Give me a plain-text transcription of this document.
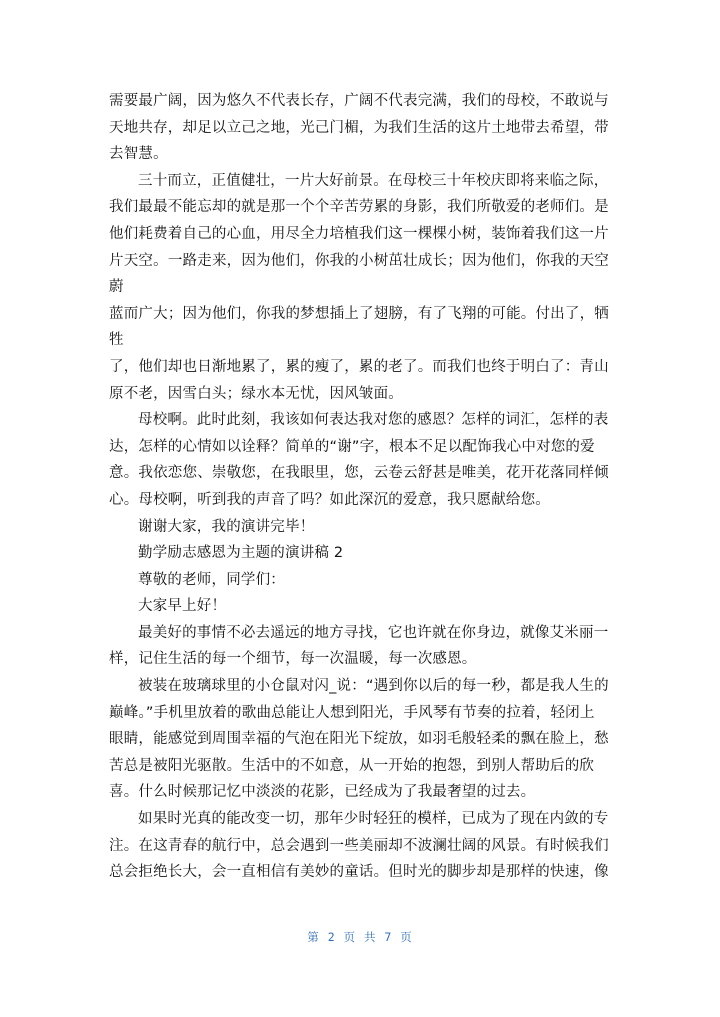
需要最广阔，因为悠久不代表长存，广阔不代表完满，我们的母校，不敢说与
天地共存，却足以立己之地，光己门楣，为我们生活的这片土地带去希望，带
去智慧。

三十而立，正值健壮，一片大好前景。在母校三十年校庆即将来临之际，
我们最最不能忘却的就是那一个个辛苦劳累的身影，我们所敬爱的老师们。是
他们耗费着自己的心血，用尽全力培植我们这一棵棵小树，装饰着我们这一片
片天空。一路走来，因为他们，你我的小树茁壮成长；因为他们，你我的天空蔚
蓝而广大；因为他们，你我的梦想插上了翅膀，有了飞翔的可能。付出了，牺牲
了，他们却也日渐地累了，累的瘦了，累的老了。而我们也终于明白了：青山
原不老，因雪白头；绿水本无忧，因风皱面。

母校啊。此时此刻，我该如何表达我对您的感恩？怎样的词汇，怎样的表
达，怎样的心情如以诠释？简单的“谢”字，根本不足以配饰我心中对您的爱
意。我依恋您、崇敬您，在我眼里，您，云卷云舒甚是唯美，花开花落同样倾
心。母校啊，听到我的声音了吗？如此深沉的爱意，我只愿献给您。

谢谢大家，我的演讲完毕！

勤学励志感恩为主题的演讲稿 2

尊敬的老师，同学们：

大家早上好！

最美好的事情不必去遥远的地方寻找，它也许就在你身边，就像艾米丽一
样，记住生活的每一个细节，每一次温暖，每一次感恩。

被装在玻璃球里的小仓鼠对闪_说：“遇到你以后的每一秒，都是我人生的
巅峰。”手机里放着的歌曲总能让人想到阳光，手风琴有节奏的拉着，轻闭上
眼睛，能感觉到周围幸福的气泡在阳光下绽放，如羽毛般轻柔的飘在脸上，愁
苦总是被阳光驱散。生活中的不如意，从一开始的抱怨，到别人帮助后的欣
喜。什么时候那记忆中淡淡的花影，已经成为了我最奢望的过去。

如果时光真的能改变一切，那年少时轻狂的模样，已成为了现在内敛的专
注。在这青春的航行中，总会遇到一些美丽却不波澜壮阔的风景。有时候我们
总会拒绝长大，会一直相信有美妙的童话。但时光的脚步却是那样的快速，像

第 2 页 共 7 页
